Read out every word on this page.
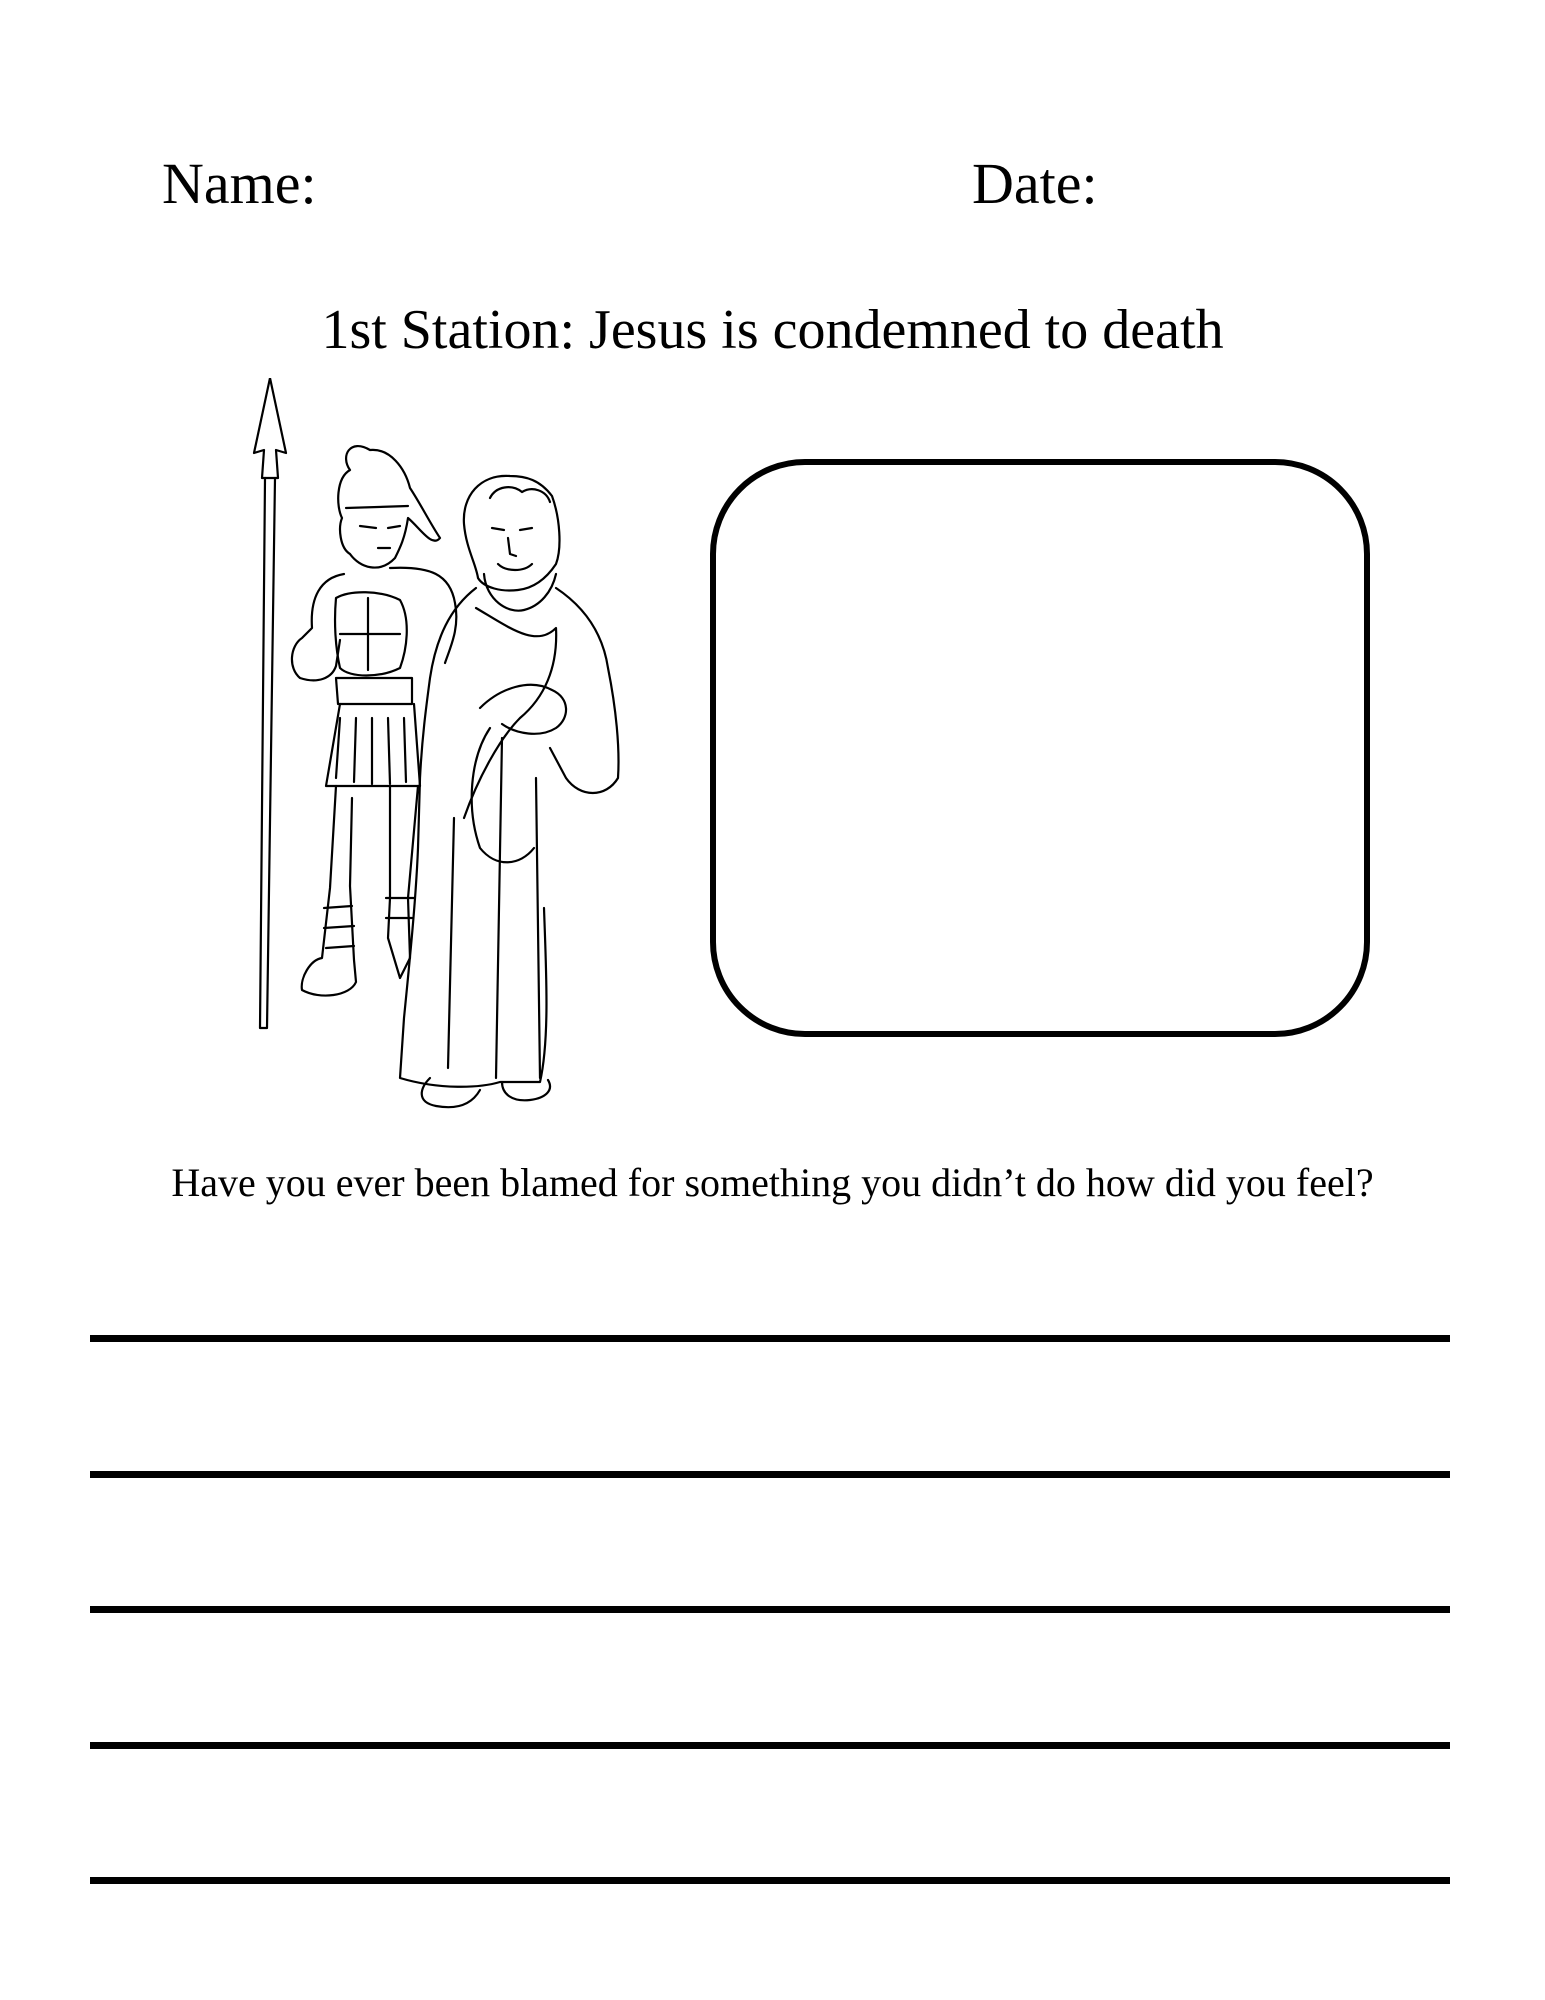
Name:	Date:
1st Station: Jesus is condemned to death
Have you ever been blamed for something you didn’t do how did you feel?
